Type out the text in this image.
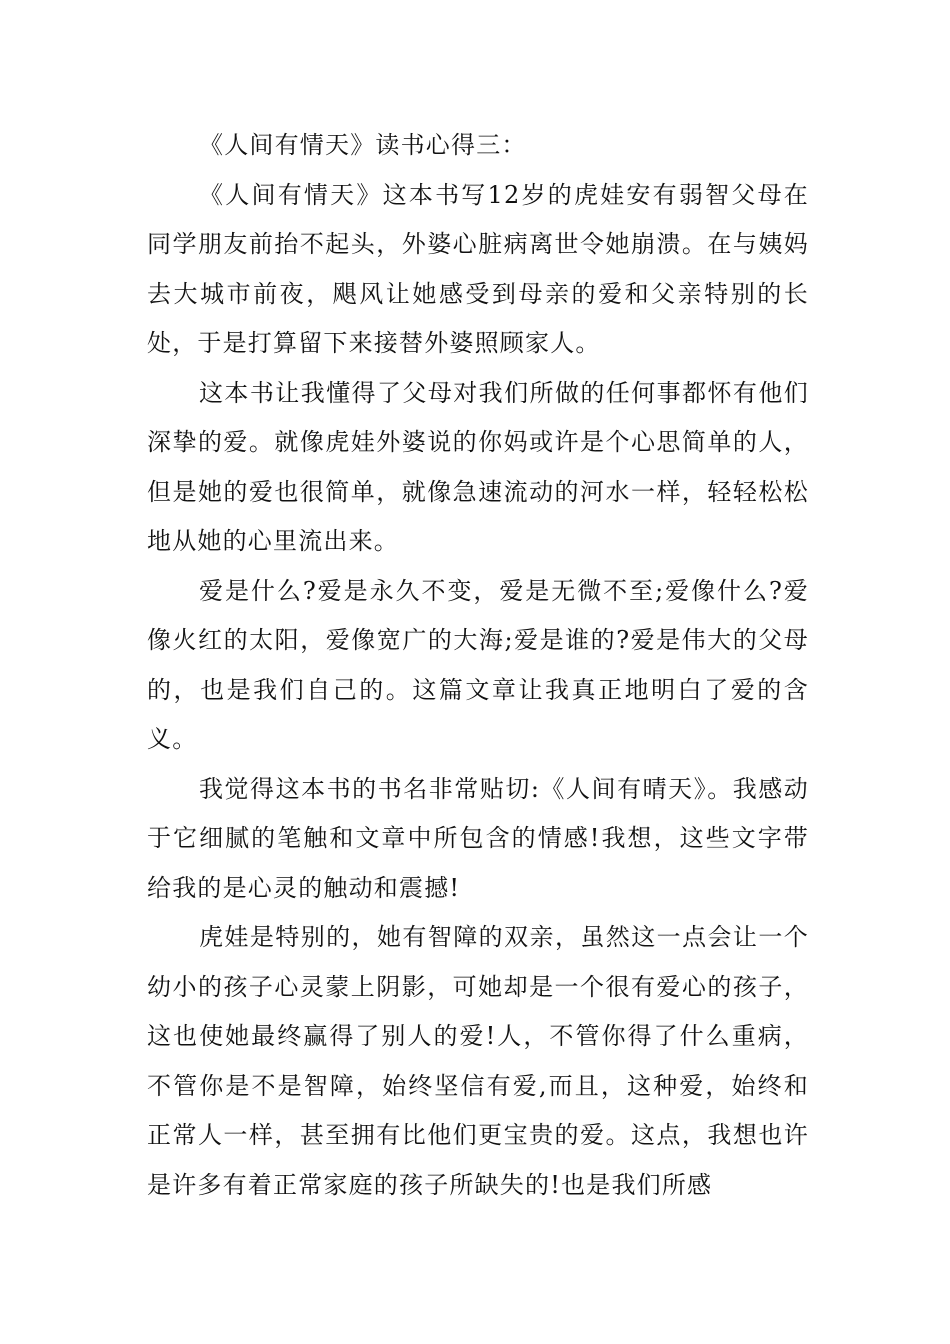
《人间有情天》读书心得三：

《人间有情天》这本书写12岁的虎娃安有弱智父母在同学朋友前抬不起头，外婆心脏病离世令她崩溃。在与姨妈去大城市前夜，飓风让她感受到母亲的爱和父亲特别的长处，于是打算留下来接替外婆照顾家人。

这本书让我懂得了父母对我们所做的任何事都怀有他们深挚的爱。就像虎娃外婆说的你妈或许是个心思简单的人，但是她的爱也很简单，就像急速流动的河水一样，轻轻松松地从她的心里流出来。

爱是什么?爱是永久不变，爱是无微不至;爱像什么?爱像火红的太阳，爱像宽广的大海;爱是谁的?爱是伟大的父母的，也是我们自己的。这篇文章让我真正地明白了爱的含义。

我觉得这本书的书名非常贴切:《人间有晴天》。我感动于它细腻的笔触和文章中所包含的情感!我想，这些文字带给我的是心灵的触动和震撼!

虎娃是特别的，她有智障的双亲，虽然这一点会让一个幼小的孩子心灵蒙上阴影，可她却是一个很有爱心的孩子，这也使她最终赢得了别人的爱!人，不管你得了什么重病，不管你是不是智障，始终坚信有爱,而且，这种爱，始终和正常人一样，甚至拥有比他们更宝贵的爱。这点，我想也许是许多有着正常家庭的孩子所缺失的!也是我们所感
